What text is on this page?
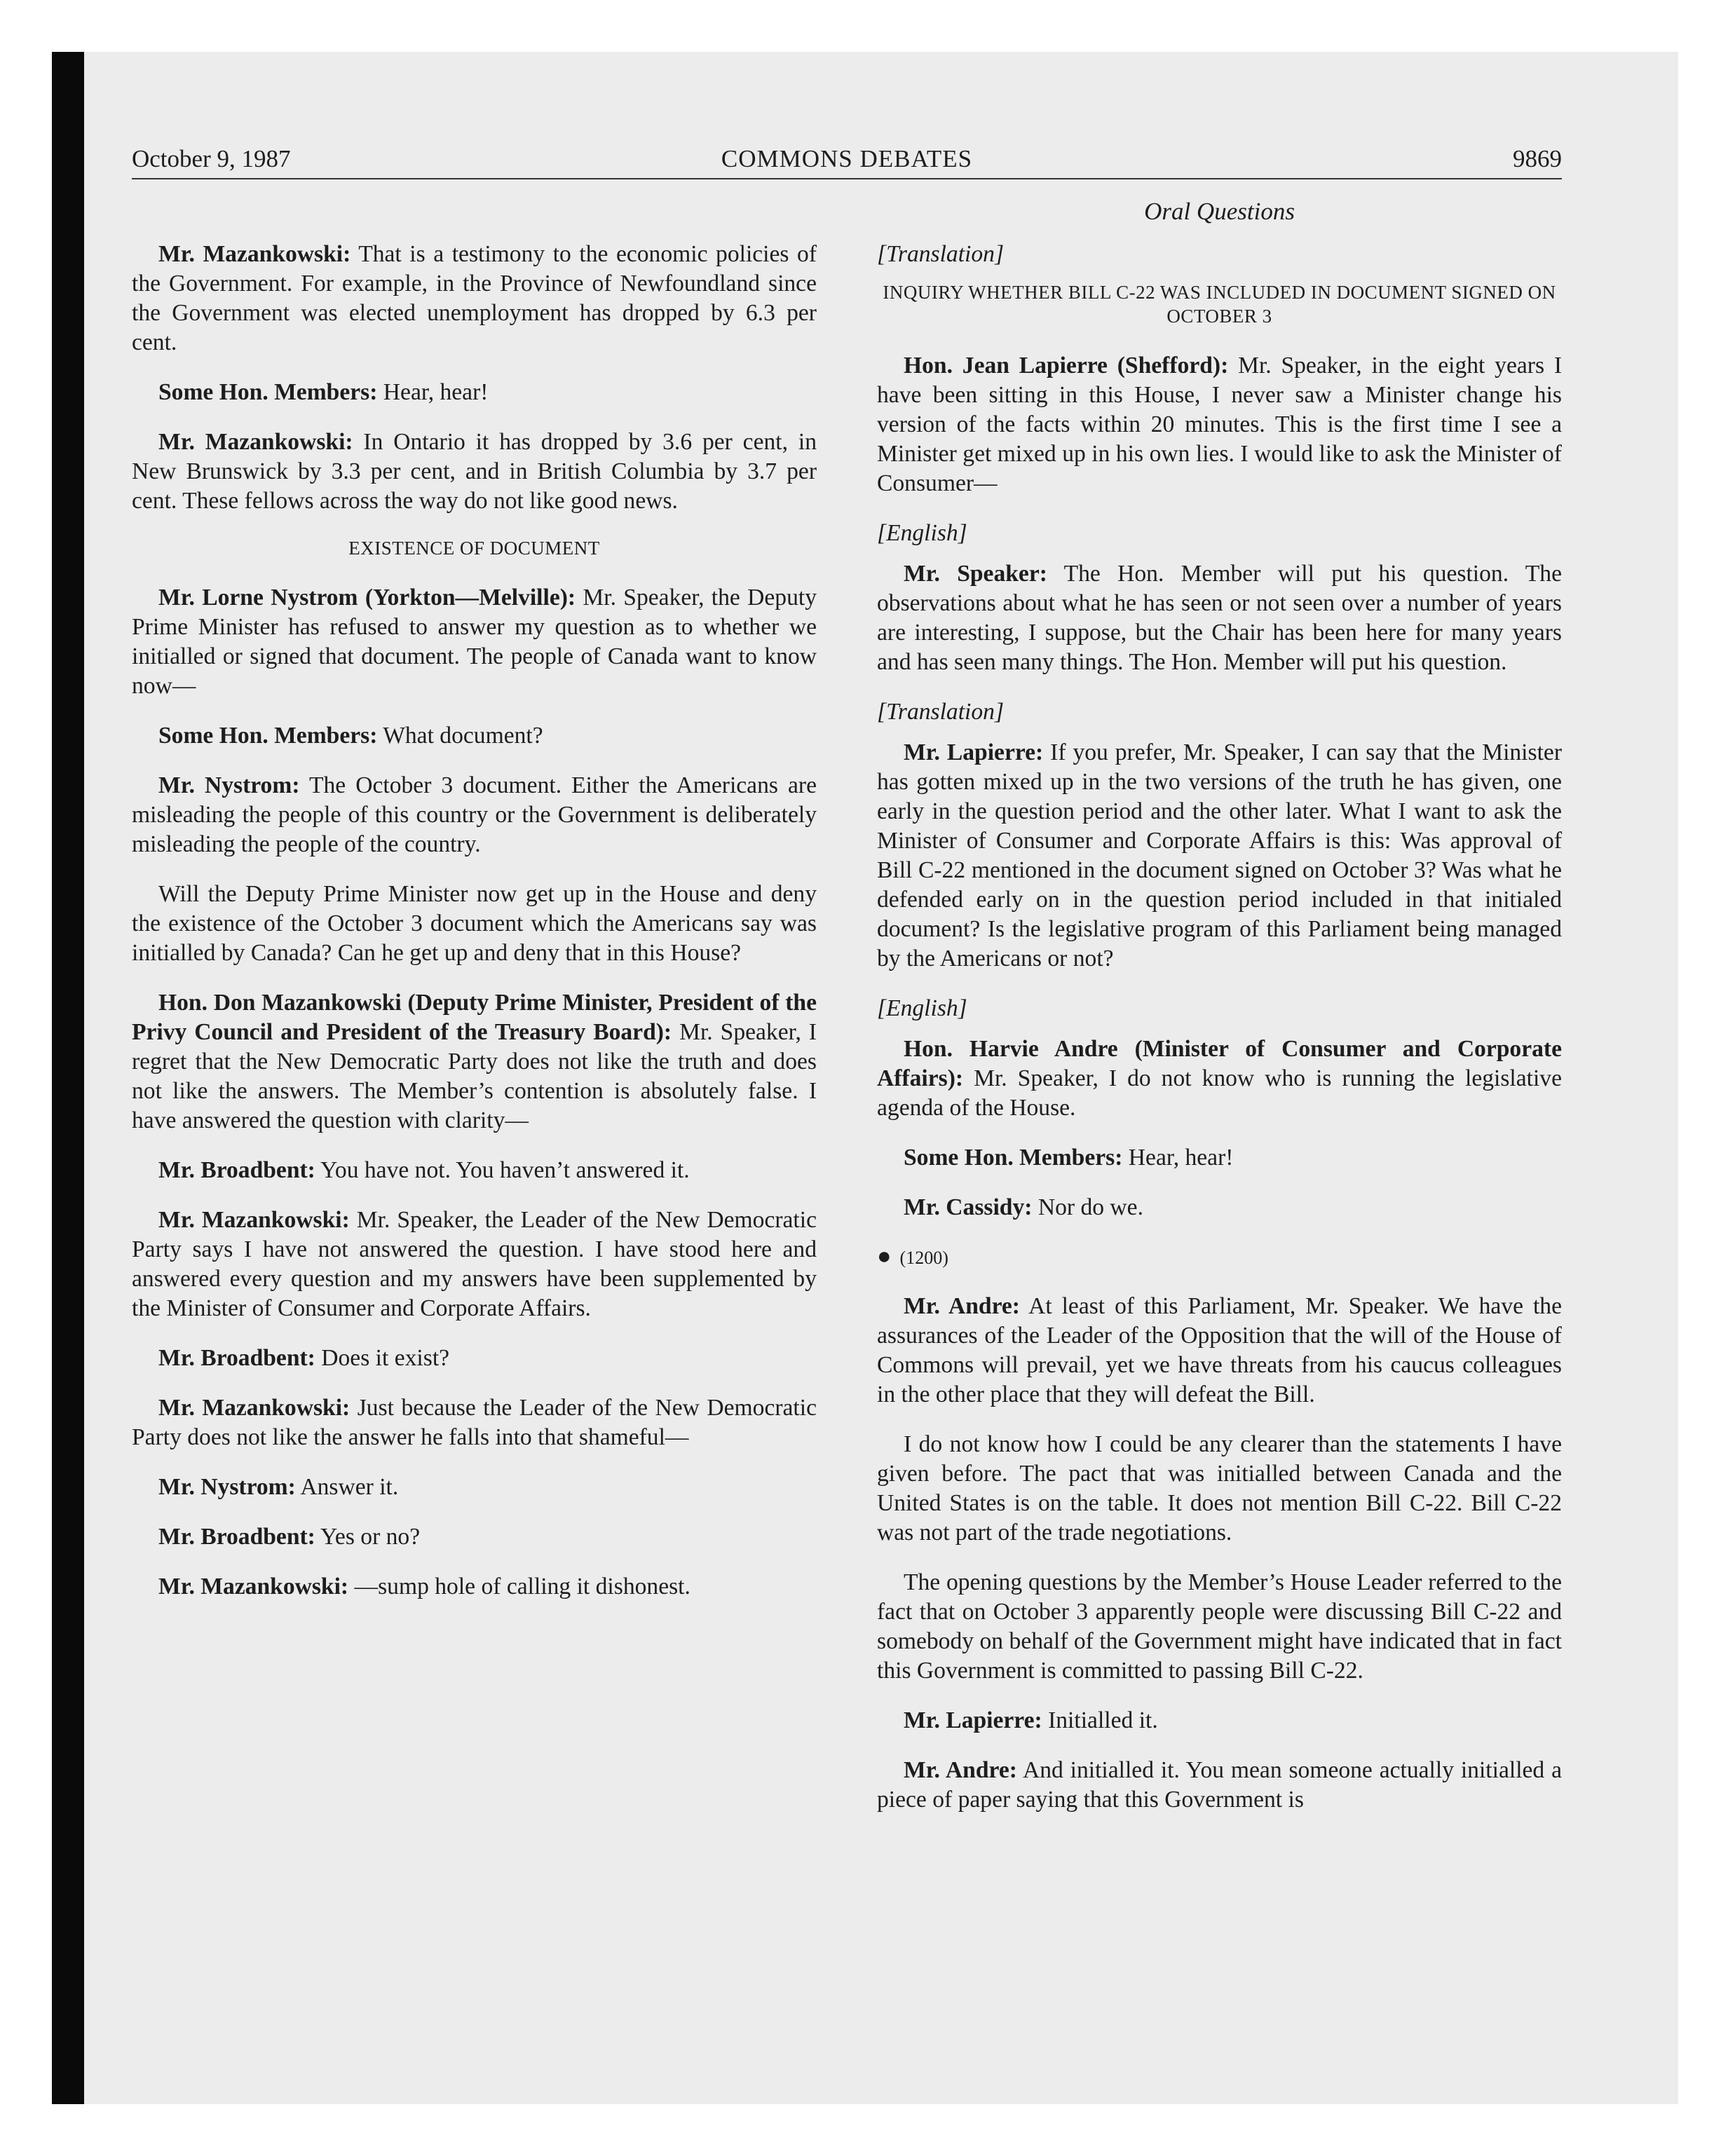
COMMONS DEBATES
October 9, 1987	9869
Oral Questions

Mr. Mazankowski: That is a testimony to the economic policies of the Government. For example, in the Province of Newfoundland since the Government was elected unemployment has dropped by 6.3 per cent.

Some Hon. Members: Hear, hear!

Mr. Mazankowski: In Ontario it has dropped by 3.6 per cent, in New Brunswick by 3.3 per cent, and in British Columbia by 3.7 per cent. These fellows across the way do not like good news.

EXISTENCE OF DOCUMENT

Mr. Lorne Nystrom (Yorkton—Melville): Mr. Speaker, the Deputy Prime Minister has refused to answer my question as to whether we initialled or signed that document. The people of Canada want to know now—

Some Hon. Members: What document?

Mr. Nystrom: The October 3 document. Either the Americans are misleading the people of this country or the Government is deliberately misleading the people of the country.

Will the Deputy Prime Minister now get up in the House and deny the existence of the October 3 document which the Americans say was initialled by Canada? Can he get up and deny that in this House?

Hon. Don Mazankowski (Deputy Prime Minister, President of the Privy Council and President of the Treasury Board): Mr. Speaker, I regret that the New Democratic Party does not like the truth and does not like the answers. The Member’s contention is absolutely false. I have answered the question with clarity—

Mr. Broadbent: You have not. You haven’t answered it.

Mr. Mazankowski: Mr. Speaker, the Leader of the New Democratic Party says I have not answered the question. I have stood here and answered every question and my answers have been supplemented by the Minister of Consumer and Corporate Affairs.

Mr. Broadbent: Does it exist?

Mr. Mazankowski: Just because the Leader of the New Democratic Party does not like the answer he falls into that shameful—

Mr. Nystrom: Answer it.

Mr. Broadbent: Yes or no?

Mr. Mazankowski: —sump hole of calling it dishonest.

[Translation]
INQUIRY WHETHER BILL C-22 WAS INCLUDED IN DOCUMENT SIGNED ON OCTOBER 3

Hon. Jean Lapierre (Shefford): Mr. Speaker, in the eight years I have been sitting in this House, I never saw a Minister change his version of the facts within 20 minutes. This is the first time I see a Minister get mixed up in his own lies. I would like to ask the Minister of Consumer—

[English]

Mr. Speaker: The Hon. Member will put his question. The observations about what he has seen or not seen over a number of years are interesting, I suppose, but the Chair has been here for many years and has seen many things. The Hon. Member will put his question.

[Translation]

Mr. Lapierre: If you prefer, Mr. Speaker, I can say that the Minister has gotten mixed up in the two versions of the truth he has given, one early in the question period and the other later. What I want to ask the Minister of Consumer and Corporate Affairs is this: Was approval of Bill C-22 mentioned in the document signed on October 3? Was what he defended early on in the question period included in that initialed document? Is the legislative program of this Parliament being managed by the Americans or not?

[English]

Hon. Harvie Andre (Minister of Consumer and Corporate Affairs): Mr. Speaker, I do not know who is running the legislative agenda of the House.

Some Hon. Members: Hear, hear!

Mr. Cassidy: Nor do we.

● (1200)

Mr. Andre: At least of this Parliament, Mr. Speaker. We have the assurances of the Leader of the Opposition that the will of the House of Commons will prevail, yet we have threats from his caucus colleagues in the other place that they will defeat the Bill.

I do not know how I could be any clearer than the statements I have given before. The pact that was initialled between Canada and the United States is on the table. It does not mention Bill C-22. Bill C-22 was not part of the trade negotiations.

The opening questions by the Member’s House Leader referred to the fact that on October 3 apparently people were discussing Bill C-22 and somebody on behalf of the Government might have indicated that in fact this Government is committed to passing Bill C-22.

Mr. Lapierre: Initialled it.

Mr. Andre: And initialled it. You mean someone actually initialled a piece of paper saying that this Government is
